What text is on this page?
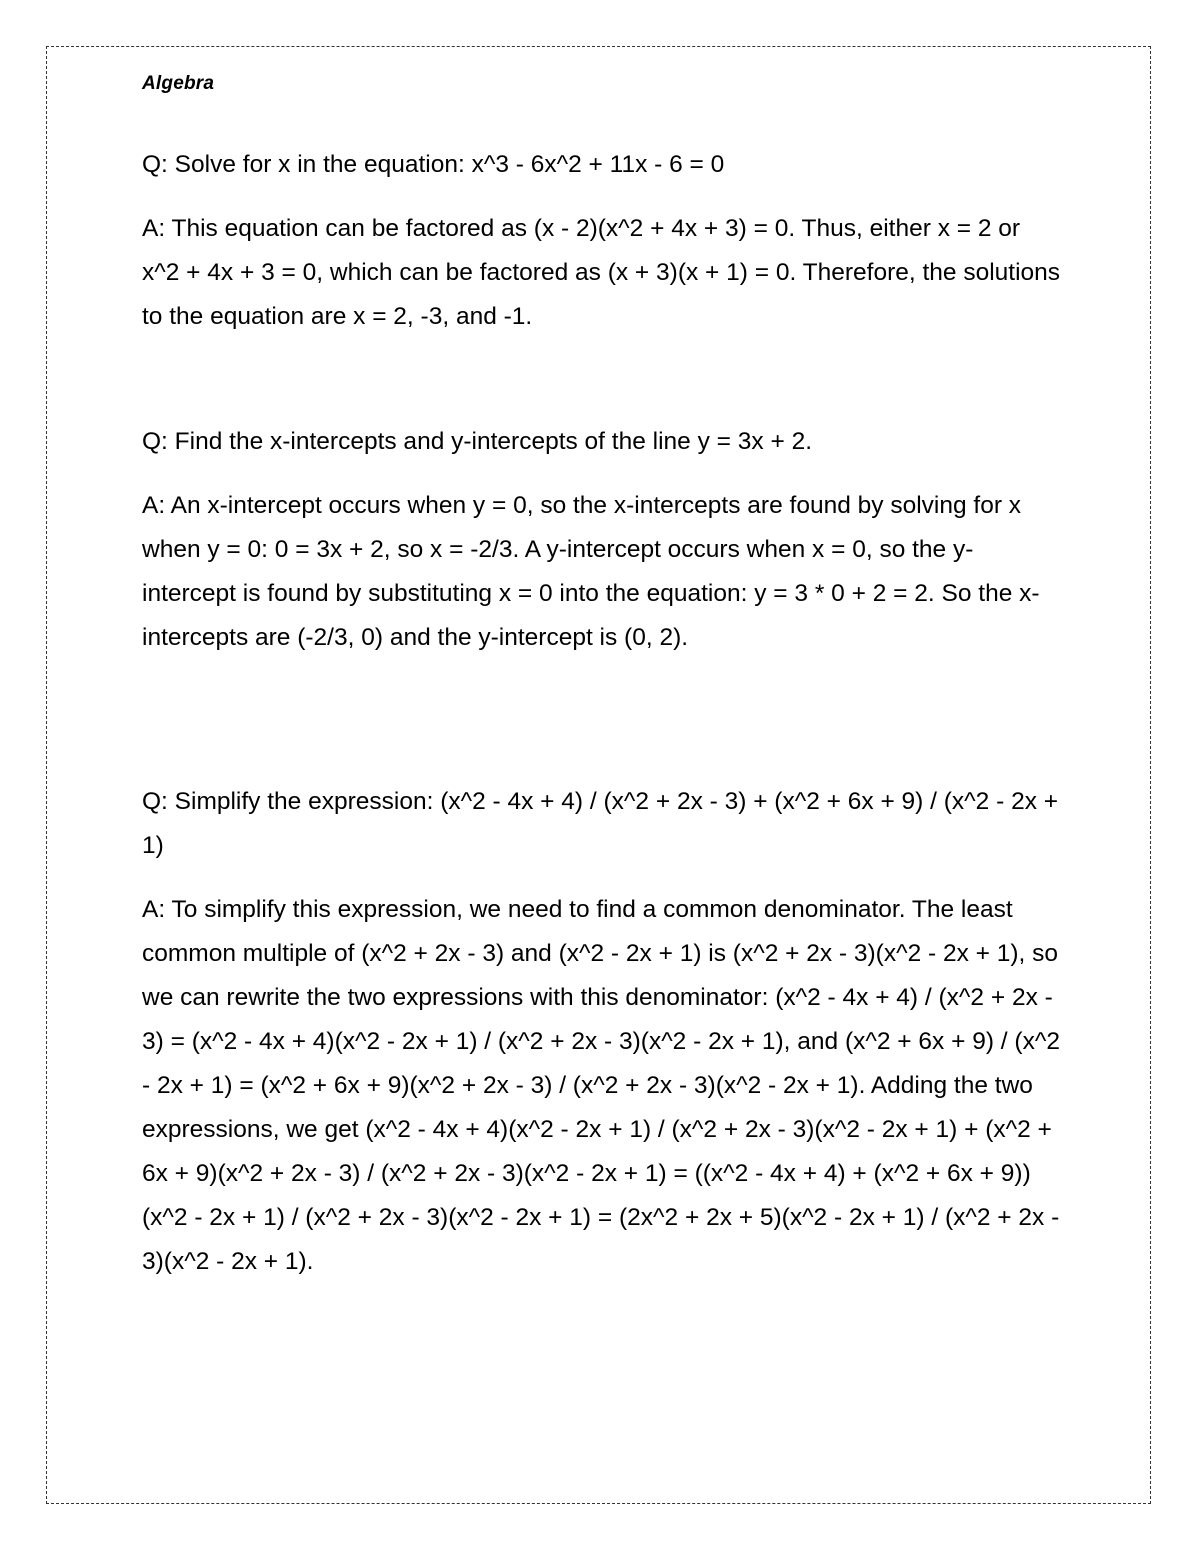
Algebra

Q: Solve for x in the equation: x^3 - 6x^2 + 11x - 6 = 0

A: This equation can be factored as (x - 2)(x^2 + 4x + 3) = 0. Thus, either x = 2 or x^2 + 4x + 3 = 0, which can be factored as (x + 3)(x + 1) = 0. Therefore, the solutions to the equation are x = 2, -3, and -1.

Q: Find the x-intercepts and y-intercepts of the line y = 3x + 2.

A: An x-intercept occurs when y = 0, so the x-intercepts are found by solving for x when y = 0: 0 = 3x + 2, so x = -2/3. A y-intercept occurs when x = 0, so the y-intercept is found by substituting x = 0 into the equation: y = 3 * 0 + 2 = 2. So the x-intercepts are (-2/3, 0) and the y-intercept is (0, 2).

Q: Simplify the expression: (x^2 - 4x + 4) / (x^2 + 2x - 3) + (x^2 + 6x + 9) / (x^2 - 2x + 1)

A: To simplify this expression, we need to find a common denominator. The least common multiple of (x^2 + 2x - 3) and (x^2 - 2x + 1) is (x^2 + 2x - 3)(x^2 - 2x + 1), so we can rewrite the two expressions with this denominator: (x^2 - 4x + 4) / (x^2 + 2x - 3) = (x^2 - 4x + 4)(x^2 - 2x + 1) / (x^2 + 2x - 3)(x^2 - 2x + 1), and (x^2 + 6x + 9) / (x^2 - 2x + 1) = (x^2 + 6x + 9)(x^2 + 2x - 3) / (x^2 + 2x - 3)(x^2 - 2x + 1). Adding the two expressions, we get (x^2 - 4x + 4)(x^2 - 2x + 1) / (x^2 + 2x - 3)(x^2 - 2x + 1) + (x^2 + 6x + 9)(x^2 + 2x - 3) / (x^2 + 2x - 3)(x^2 - 2x + 1) = ((x^2 - 4x + 4) + (x^2 + 6x + 9))(x^2 - 2x + 1) / (x^2 + 2x - 3)(x^2 - 2x + 1) = (2x^2 + 2x + 5)(x^2 - 2x + 1) / (x^2 + 2x - 3)(x^2 - 2x + 1).
